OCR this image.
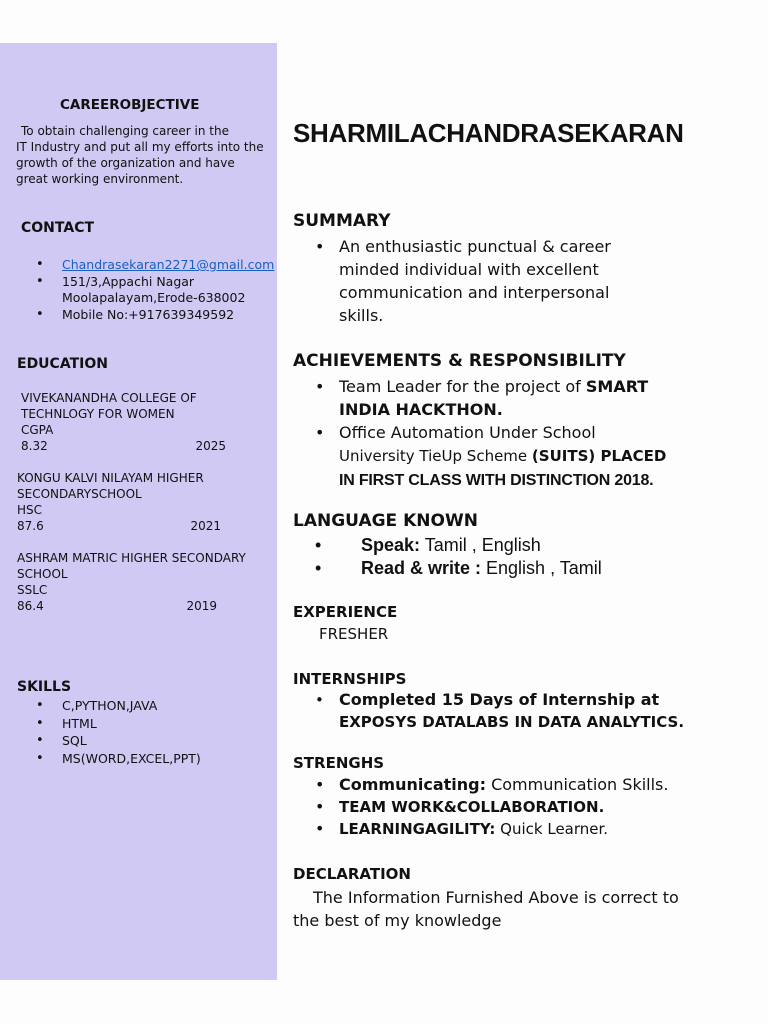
CAREEROBJECTIVE
To obtain challenging career in the
IT Industry and put all my efforts into the
growth of the organization and have
great working environment.
CONTACT
• Chandrasekaran2271@gmail.com
• 151/3,Appachi Nagar
Moolapalayam,Erode-638002
• Mobile No:+917639349592
EDUCATION
VIVEKANANDHA COLLEGE OF
TECHNLOGY FOR WOMEN
CGPA
8.32	2025
KONGU KALVI NILAYAM HIGHER
SECONDARYSCHOOL
HSC
87.6	2021
ASHRAM MATRIC HIGHER SECONDARY
SCHOOL
SSLC
86.4	2019
SKILLS
• C,PYTHON,JAVA
• HTML
• SQL
• MS(WORD,EXCEL,PPT)
SHARMILACHANDRASEKARAN
SUMMARY
• An enthusiastic punctual & career
minded individual with excellent
communication and interpersonal
skills.
ACHIEVEMENTS & RESPONSIBILITY
• Team Leader for the project of SMART
INDIA HACKTHON.
• Office Automation Under School
University TieUp Scheme (SUITS) PLACED
IN FIRST CLASS WITH DISTINCTION 2018.
LANGUAGE KNOWN
• Speak: Tamil , English
• Read & write : English , Tamil
EXPERIENCE
FRESHER
INTERNSHIPS
• Completed 15 Days of Internship at
EXPOSYS DATALABS IN DATA ANALYTICS.
STRENGHS
• Communicating: Communication Skills.
• TEAM WORK&COLLABORATION.
• LEARNINGAGILITY: Quick Learner.
DECLARATION
The Information Furnished Above is correct to
the best of my knowledge
